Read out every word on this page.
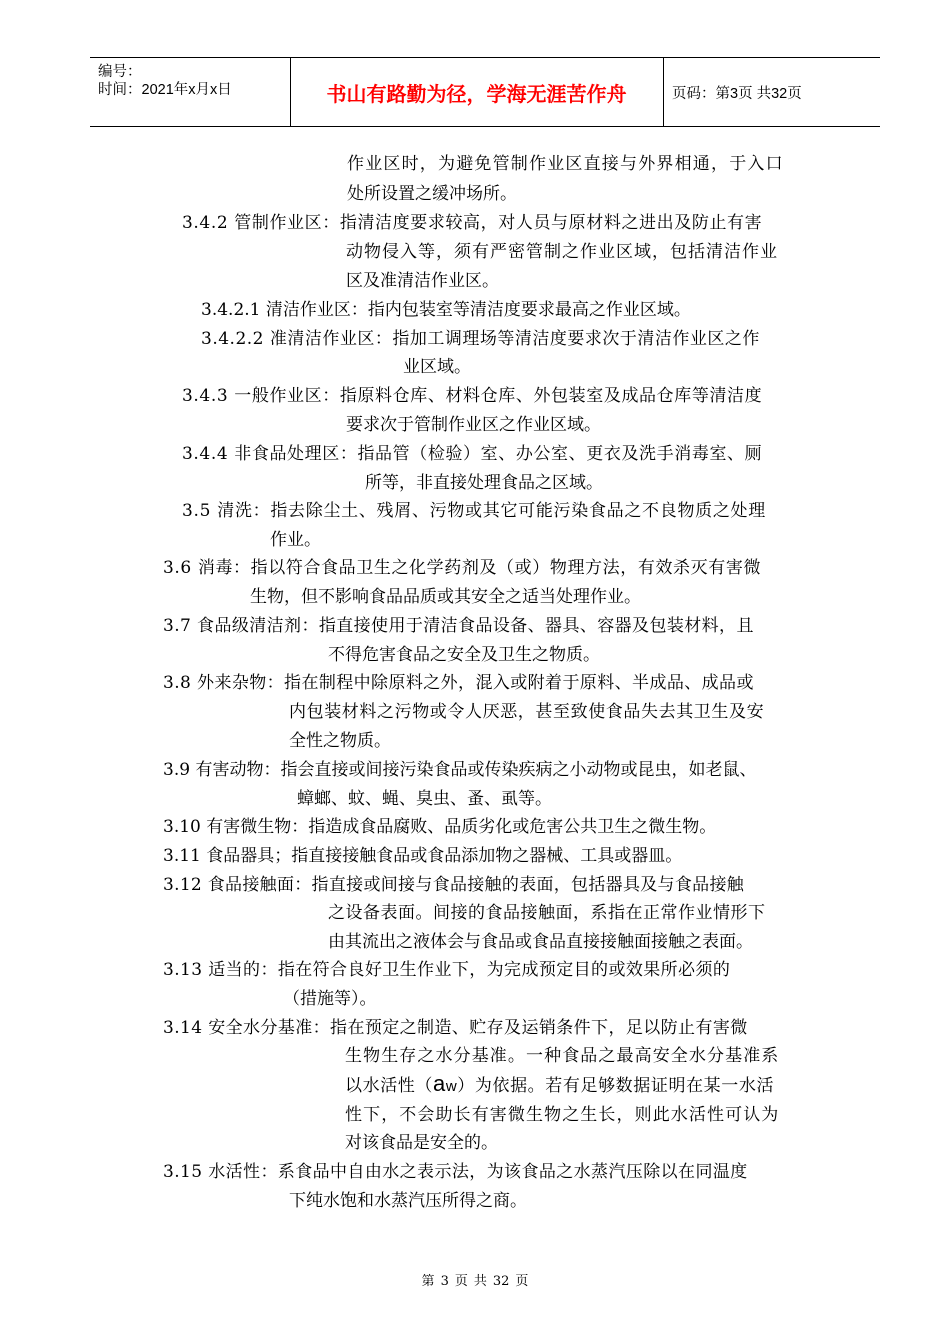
编号：
时间：2021年x月x日	书山有路勤为径，学海无涯苦作舟	页码：第3页 共32页
作业区时，为避免管制作业区直接与外界相通，于入口
处所设置之缓冲场所。
3.4.2 管制作业区：指清洁度要求较高，对人员与原材料之进出及防止有害
动物侵入等，须有严密管制之作业区域，包括清洁作业
区及准清洁作业区。
3.4.2.1 清洁作业区：指内包装室等清洁度要求最高之作业区域。
3.4.2.2 准清洁作业区：指加工调理场等清洁度要求次于清洁作业区之作
业区域。
3.4.3 一般作业区：指原料仓库、材料仓库、外包装室及成品仓库等清洁度
要求次于管制作业区之作业区域。
3.4.4 非食品处理区：指品管（检验）室、办公室、更衣及洗手消毒室、厕
所等，非直接处理食品之区域。
3.5 清洗：指去除尘土、残屑、污物或其它可能污染食品之不良物质之处理
作业。
3.6 消毒：指以符合食品卫生之化学药剂及（或）物理方法，有效杀灭有害微
生物，但不影响食品品质或其安全之适当处理作业。
3.7 食品级清洁剂：指直接使用于清洁食品设备、器具、容器及包装材料，且
不得危害食品之安全及卫生之物质。
3.8 外来杂物：指在制程中除原料之外，混入或附着于原料、半成品、成品或
内包装材料之污物或令人厌恶，甚至致使食品失去其卫生及安
全性之物质。
3.9 有害动物：指会直接或间接污染食品或传染疾病之小动物或昆虫，如老鼠、
蟑螂、蚊、蝇、臭虫、蚤、虱等。
3.10 有害微生物：指造成食品腐败、品质劣化或危害公共卫生之微生物。
3.11 食品器具；指直接接触食品或食品添加物之器械、工具或器皿。
3.12 食品接触面：指直接或间接与食品接触的表面，包括器具及与食品接触
之设备表面。间接的食品接触面，系指在正常作业情形下
由其流出之液体会与食品或食品直接接触面接触之表面。
3.13 适当的：指在符合良好卫生作业下，为完成预定目的或效果所必须的
（措施等）。
3.14 安全水分基准：指在预定之制造、贮存及运销条件下，足以防止有害微
生物生存之水分基准。一种食品之最高安全水分基准系
以水活性（aw）为依据。若有足够数据证明在某一水活
性下，不会助长有害微生物之生长，则此水活性可认为
对该食品是安全的。
3.15 水活性：系食品中自由水之表示法，为该食品之水蒸汽压除以在同温度
下纯水饱和水蒸汽压所得之商。
第 3 页 共 32 页
